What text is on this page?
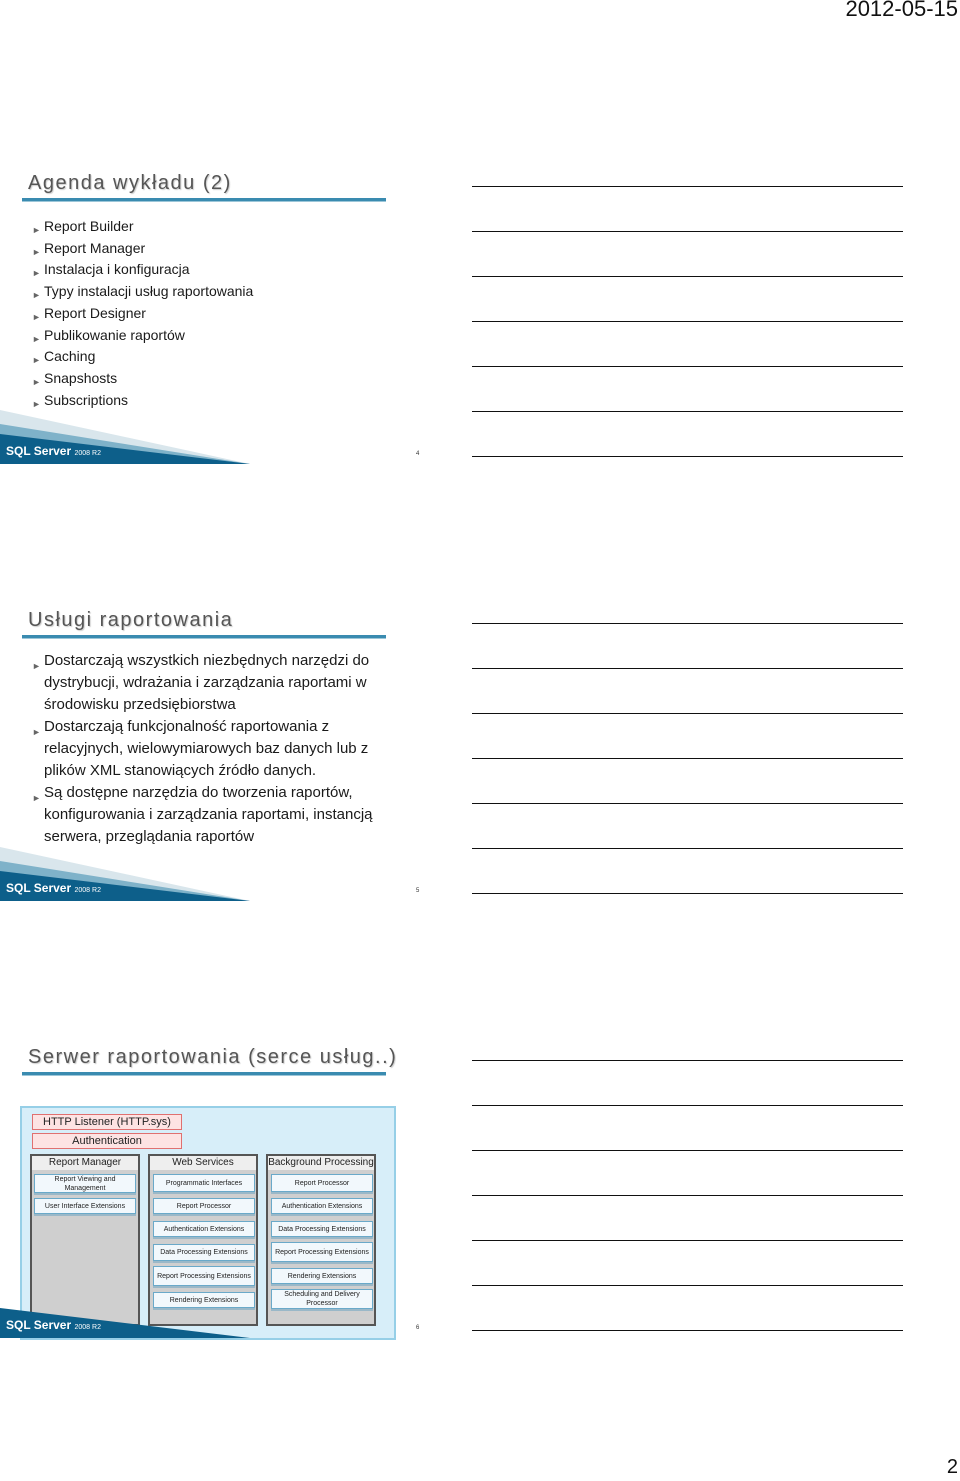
2012-05-15
Agenda wykładu (2)
► Report Builder
► Report Manager
► Instalacja i konfiguracja
► Typy instalacji usług raportowania
► Report Designer
► Publikowanie raportów
► Caching
► Snapshosts
► Subscriptions
SQL Server 2008 R2	4
Usługi raportowania
► Dostarczają wszystkich niezbędnych narzędzi do dystrybucji, wdrażania i zarządzania raportami w środowisku przedsiębiorstwa
► Dostarczają funkcjonalność raportowania z relacyjnych, wielowymiarowych baz danych lub z plików XML stanowiących źródło danych.
► Są dostępne narzędzia do tworzenia raportów, konfigurowania i zarządzania raportami, instancją serwera, przeglądania raportów
SQL Server 2008 R2	5
Serwer raportowania (serce usług..)
HTTP Listener (HTTP.sys)
Authentication
Report Manager
Report Viewing and Management
User Interface Extensions
Web Services
Programmatic Interfaces
Report Processor
Authentication Extensions
Data Processing Extensions
Report Processing Extensions
Rendering Extensions
Background Processing
Report Processor
Authentication Extensions
Data Processing Extensions
Report Processing Extensions
Rendering Extensions
Scheduling and Delivery Processor
SQL Server 2008 R2	6
2
